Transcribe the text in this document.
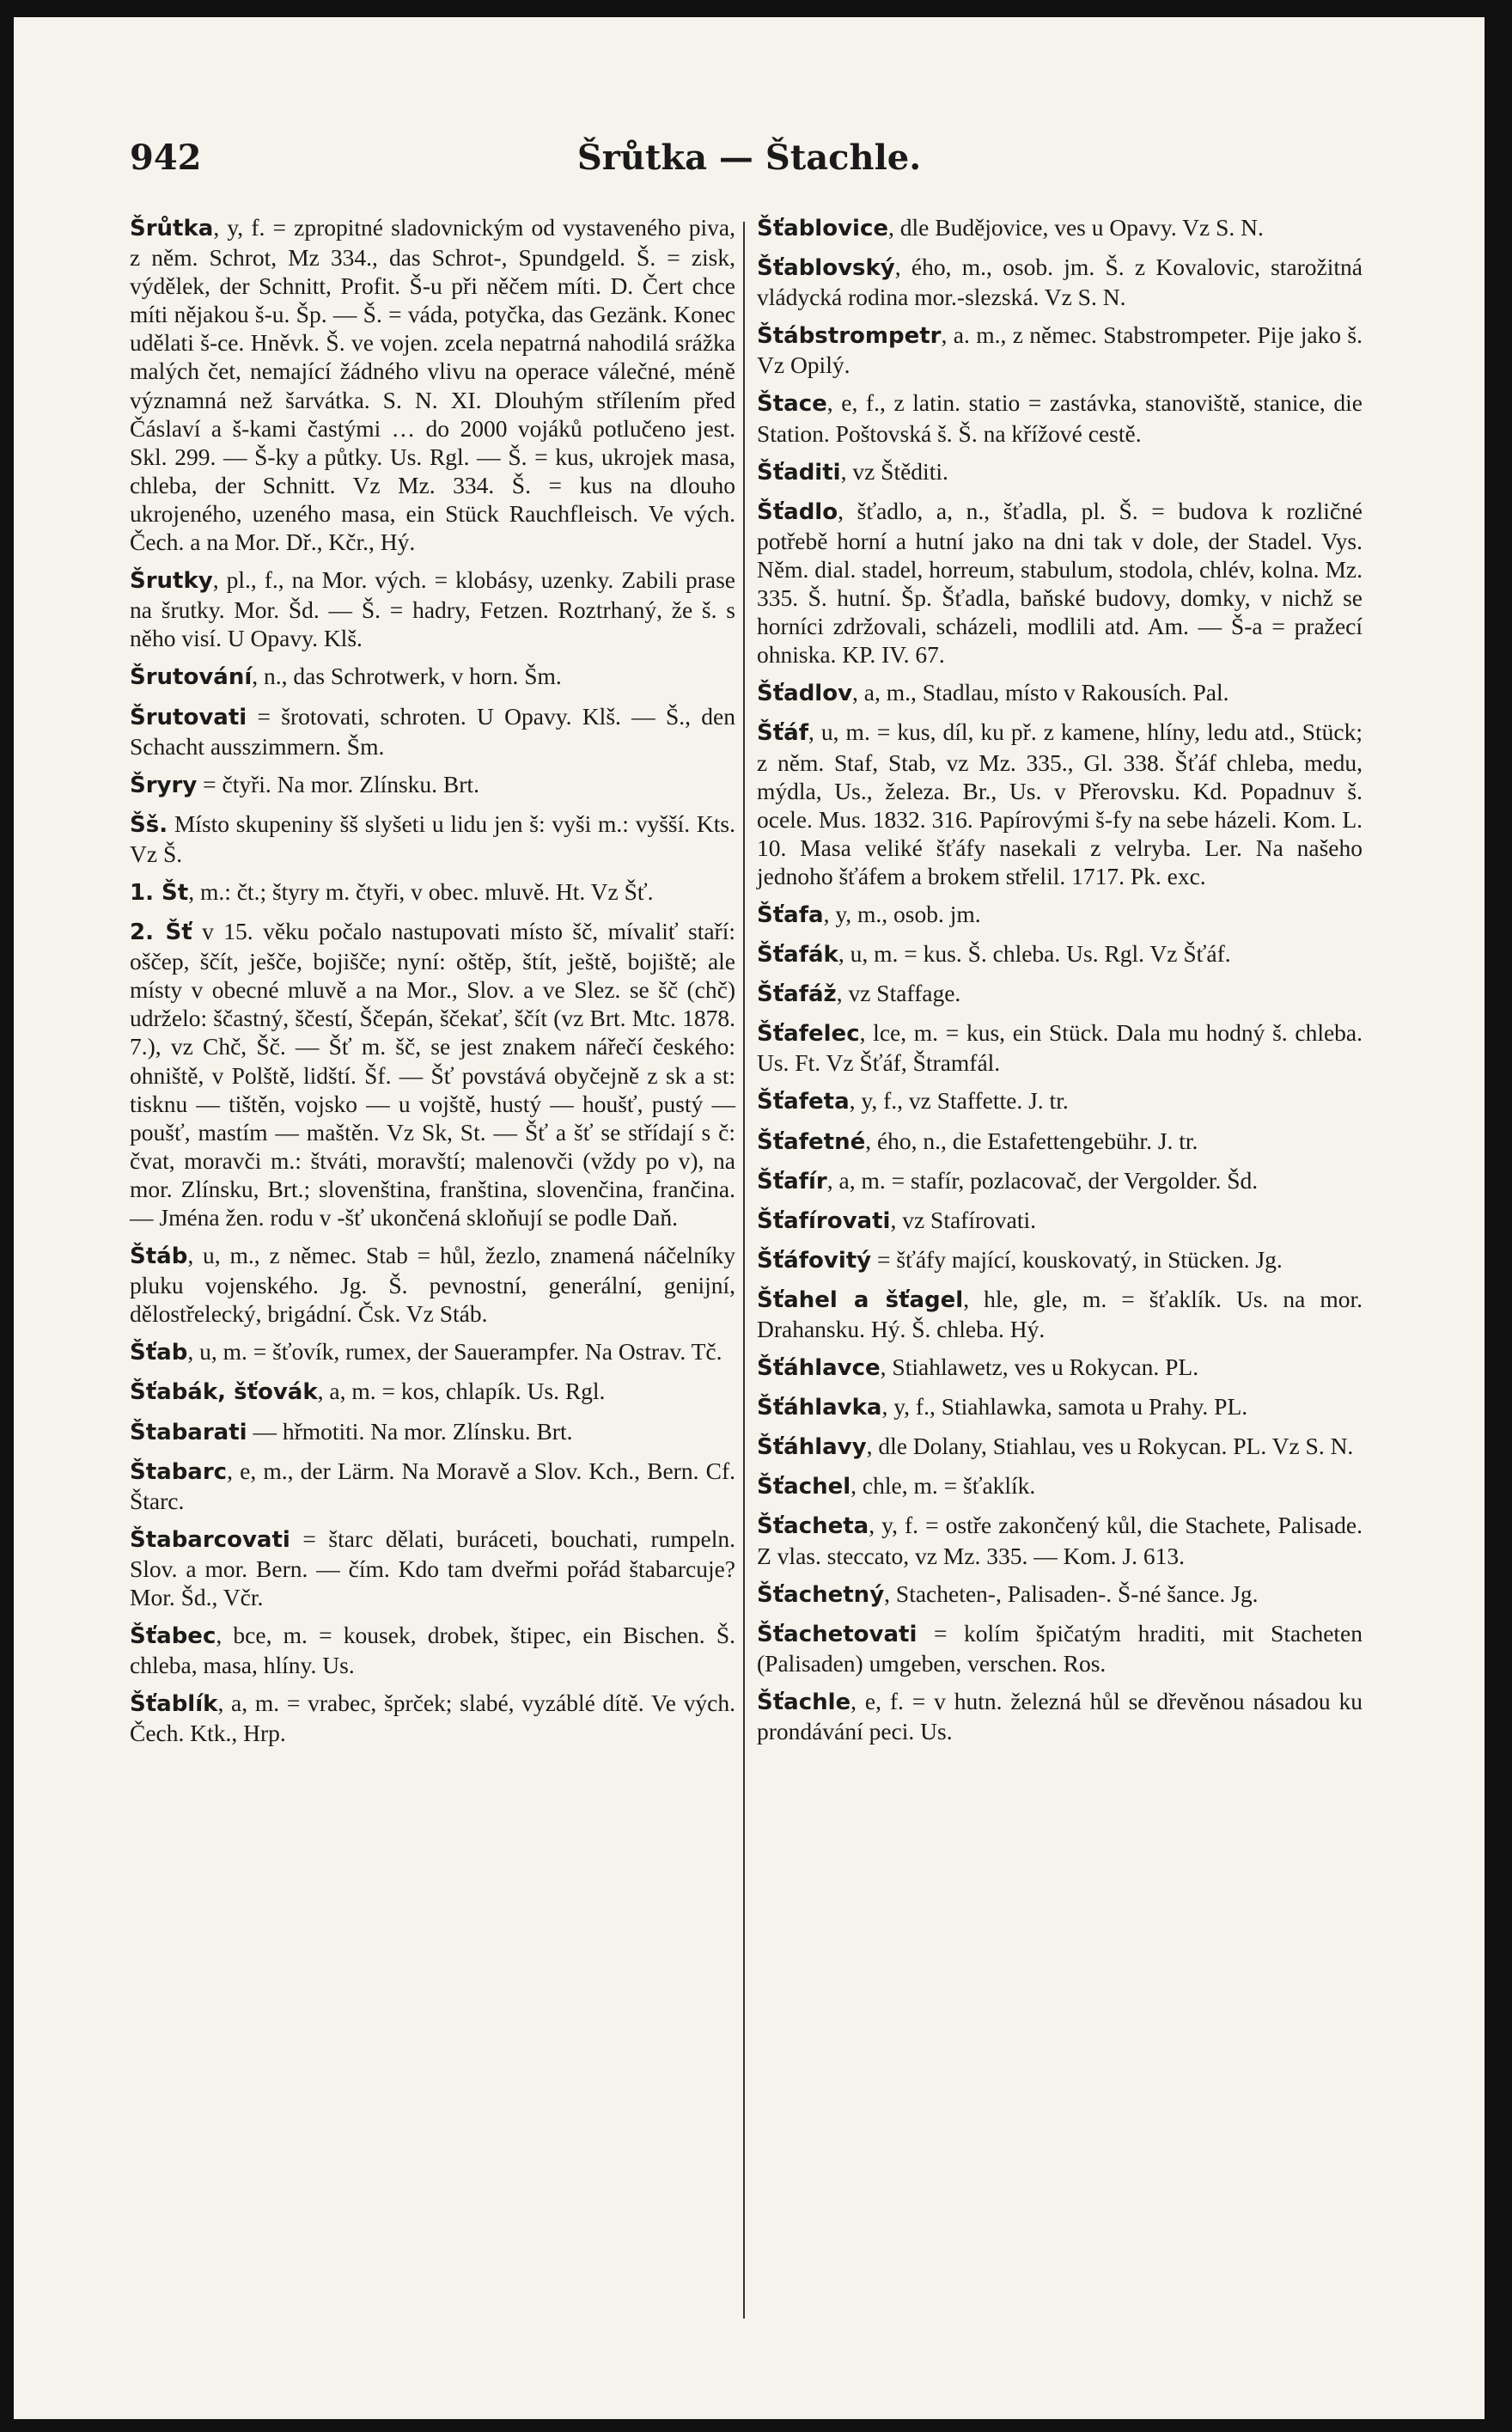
942	Šrůtka — Štachle.

Šrůtka, y, f. = zpropitné sladovnickým od vystaveného piva, z něm. Schrot, Mz 334., das Schrot-, Spundgeld. Š. = zisk, výdělek, der Schnitt, Profit. Š-u při něčem míti. D. Čert chce míti nějakou š-u. Šp. — Š. = váda, potyčka, das Gezänk. Konec udělati š-ce. Hněvk. Š. ve vojen. zcela nepatrná nahodilá srážka malých čet, nemající žádného vlivu na operace válečné, méně významná než šarvátka. S. N. XI. Dlouhým střílením před Čáslaví a š-kami častými … do 2000 vojáků potlučeno jest. Skl. 299. — Š-ky a půtky. Us. Rgl. — Š. = kus, ukrojek masa, chleba, der Schnitt. Vz Mz. 334. Š. = kus na dlouho ukrojeného, uzeného masa, ein Stück Rauchfleisch. Ve vých. Čech. a na Mor. Dř., Kčr., Hý.

Šrutky, pl., f., na Mor. vých. = klobásy, uzenky. Zabili prase na šrutky. Mor. Šd. — Š. = hadry, Fetzen. Roztrhaný, že š. s něho visí. U Opavy. Klš.

Šrutování, n., das Schrotwerk, v horn. Šm.

Šrutovati = šrotovati, schroten. U Opavy. Klš. — Š., den Schacht ausszimmern. Šm.

Šryry = čtyři. Na mor. Zlínsku. Brt.

Šš. Místo skupeniny šš slyšeti u lidu jen š: vyši m.: vyšší. Kts. Vz Š.

1. Št, m.: čt.; štyry m. čtyři, v obec. mluvě. Ht. Vz Šť.

2. Šť v 15. věku počalo nastupovati místo šč, mívaliť staří: oščep, ščít, ješče, bojišče; nyní: oštěp, štít, ještě, bojiště; ale místy v obecné mluvě a na Mor., Slov. a ve Slez. se šč (chč) udrželo: ščastný, ščestí, Ščepán, ščekať, ščít (vz Brt. Mtc. 1878. 7.), vz Chč, Šč. — Šť m. šč, se jest znakem nářečí českého: ohniště, v Polště, lidští. Šf. — Šť povstává obyčejně z sk a st: tisknu — tištěn, vojsko — u vojště, hustý — houšť, pustý — poušť, mastím — maštěn. Vz Sk, St. — Šť a šť se střídají s č: čvat, moravči m.: štváti, moravští; malenovči (vždy po v), na mor. Zlínsku, Brt.; slovenština, franština, slovenčina, frančina. — Jména žen. rodu v -šť ukončená skloňují se podle Daň.

Štáb, u, m., z němec. Stab = hůl, žezlo, znamená náčelníky pluku vojenského. Jg. Š. pevnostní, generální, genijní, dělostřelecký, brigádní. Čsk. Vz Stáb.

Šťab, u, m. = šťovík, rumex, der Sauerampfer. Na Ostrav. Tč.

Šťabák, šťovák, a, m. = kos, chlapík. Us. Rgl.

Štabarati — hřmotiti. Na mor. Zlínsku. Brt.

Štabarc, e, m., der Lärm. Na Moravě a Slov. Kch., Bern. Cf. Štarc.

Štabarcovati = štarc dělati, buráceti, bouchati, rumpeln. Slov. a mor. Bern. — čím. Kdo tam dveřmi pořád štabarcuje? Mor. Šd., Včr.

Šťabec, bce, m. = kousek, drobek, štipec, ein Bischen. Š. chleba, masa, hlíny. Us.

Šťablík, a, m. = vrabec, šprček; slabé, vyzáblé dítě. Ve vých. Čech. Ktk., Hrp.

Šťablovice, dle Budějovice, ves u Opavy. Vz S. N.

Šťablovský, ého, m., osob. jm. Š. z Kovalovic, starožitná vládycká rodina mor.-slezská. Vz S. N.

Štábstrompetr, a. m., z němec. Stabstrompeter. Pije jako š. Vz Opilý.

Štace, e, f., z latin. statio = zastávka, stanoviště, stanice, die Station. Poštovská š. Š. na křížové cestě.

Šťaditi, vz Štěditi.

Šťadlo, šťadlo, a, n., šťadla, pl. Š. = budova k rozličné potřebě horní a hutní jako na dni tak v dole, der Stadel. Vys. Něm. dial. stadel, horreum, stabulum, stodola, chlév, kolna. Mz. 335. Š. hutní. Šp. Šťadla, baňské budovy, domky, v nichž se horníci zdržovali, scházeli, modlili atd. Am. — Š-a = pražecí ohniska. KP. IV. 67.

Šťadlov, a, m., Stadlau, místo v Rakousích. Pal.

Šťáf, u, m. = kus, díl, ku př. z kamene, hlíny, ledu atd., Stück; z něm. Staf, Stab, vz Mz. 335., Gl. 338. Šťáf chleba, medu, mýdla, Us., železa. Br., Us. v Přerovsku. Kd. Popadnuv š. ocele. Mus. 1832. 316. Papírovými š-fy na sebe házeli. Kom. L. 10. Masa veliké šťáfy nasekali z velryba. Ler. Na našeho jednoho šťáfem a brokem střelil. 1717. Pk. exc.

Šťafa, y, m., osob. jm.

Šťafák, u, m. = kus. Š. chleba. Us. Rgl. Vz Šťáf.

Šťafáž, vz Staffage.

Šťafelec, lce, m. = kus, ein Stück. Dala mu hodný š. chleba. Us. Ft. Vz Šťáf, Štramfál.

Šťafeta, y, f., vz Staffette. J. tr.

Šťafetné, ého, n., die Estafettengebühr. J. tr.

Šťafír, a, m. = stafír, pozlacovač, der Vergolder. Šd.

Šťafírovati, vz Stafírovati.

Šťáfovitý = šťáfy mající, kouskovatý, in Stücken. Jg.

Šťahel a šťagel, hle, gle, m. = šťaklík. Us. na mor. Drahansku. Hý. Š. chleba. Hý.

Šťáhlavce, Stiahlawetz, ves u Rokycan. PL.

Šťáhlavka, y, f., Stiahlawka, samota u Prahy. PL.

Šťáhlavy, dle Dolany, Stiahlau, ves u Rokycan. PL. Vz S. N.

Šťachel, chle, m. = šťaklík.

Šťacheta, y, f. = ostře zakončený kůl, die Stachete, Palisade. Z vlas. steccato, vz Mz. 335. — Kom. J. 613.

Šťachetný, Stacheten-, Palisaden-. Š-né šance. Jg.

Šťachetovati = kolím špičatým hraditi, mit Stacheten (Palisaden) umgeben, verschen. Ros.

Šťachle, e, f. = v hutn. železná hůl se dřevěnou násadou ku prondávání peci. Us.
